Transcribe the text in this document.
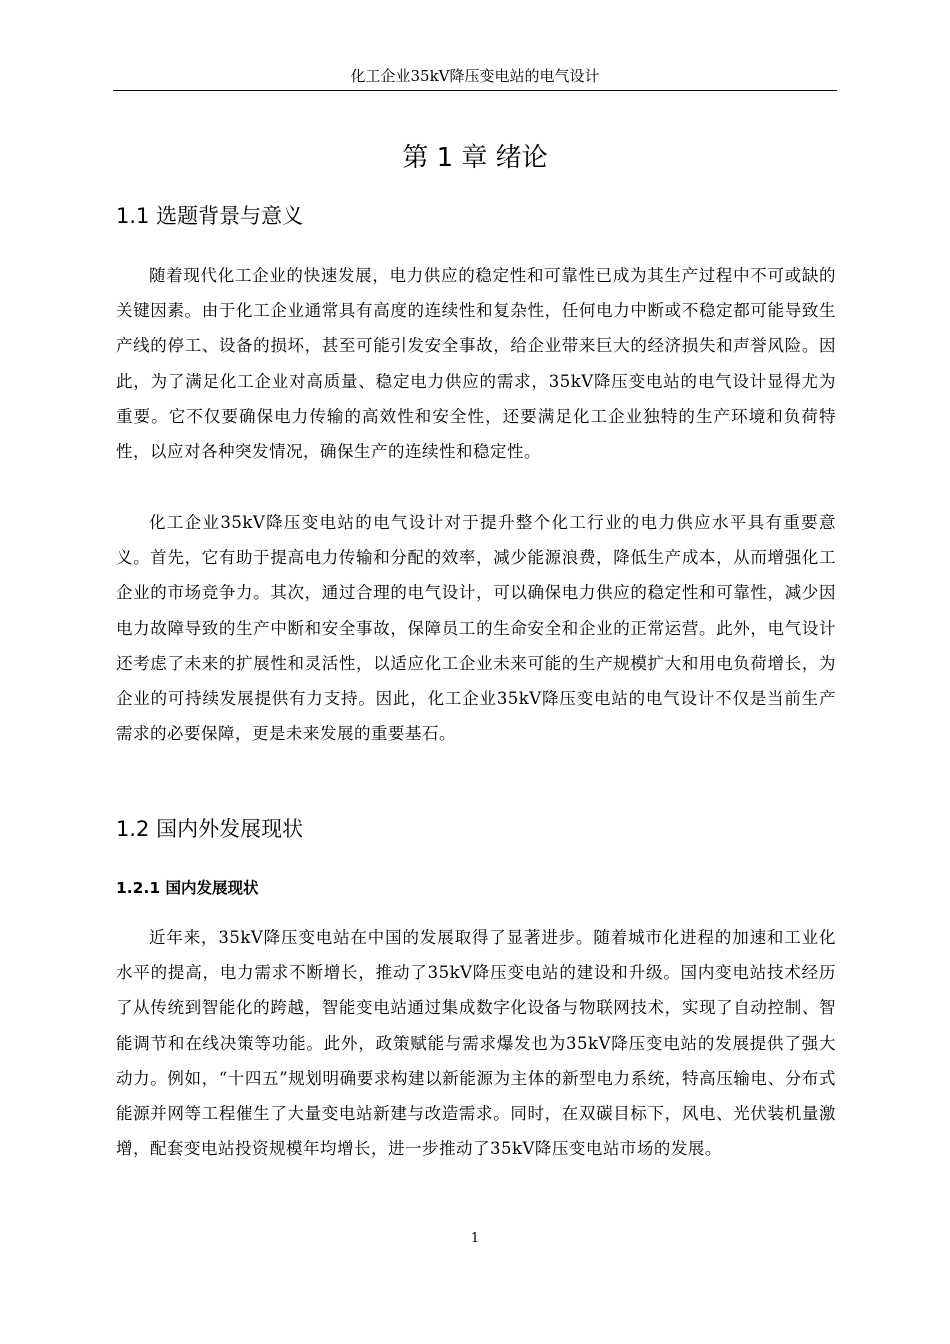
化工企业35kV降压变电站的电气设计
第 1 章 绪论
1.1 选题背景与意义

随着现代化工企业的快速发展，电力供应的稳定性和可靠性已成为其生产过程中不可或缺的关键因素。由于化工企业通常具有高度的连续性和复杂性，任何电力中断或不稳定都可能导致生产线的停工、设备的损坏，甚至可能引发安全事故，给企业带来巨大的经济损失和声誉风险。因此，为了满足化工企业对高质量、稳定电力供应的需求，35kV降压变电站的电气设计显得尤为重要。它不仅要确保电力传输的高效性和安全性，还要满足化工企业独特的生产环境和负荷特性，以应对各种突发情况，确保生产的连续性和稳定性。

化工企业35kV降压变电站的电气设计对于提升整个化工行业的电力供应水平具有重要意义。首先，它有助于提高电力传输和分配的效率，减少能源浪费，降低生产成本，从而增强化工企业的市场竞争力。其次，通过合理的电气设计，可以确保电力供应的稳定性和可靠性，减少因电力故障导致的生产中断和安全事故，保障员工的生命安全和企业的正常运营。此外，电气设计还考虑了未来的扩展性和灵活性，以适应化工企业未来可能的生产规模扩大和用电负荷增长，为企业的可持续发展提供有力支持。因此，化工企业35kV降压变电站的电气设计不仅是当前生产需求的必要保障，更是未来发展的重要基石。

1.2 国内外发展现状
1.2.1 国内发展现状

近年来，35kV降压变电站在中国的发展取得了显著进步。随着城市化进程的加速和工业化水平的提高，电力需求不断增长，推动了35kV降压变电站的建设和升级。国内变电站技术经历了从传统到智能化的跨越，智能变电站通过集成数字化设备与物联网技术，实现了自动控制、智能调节和在线决策等功能。此外，政策赋能与需求爆发也为35kV降压变电站的发展提供了强大动力。例如，“十四五”规划明确要求构建以新能源为主体的新型电力系统，特高压输电、分布式能源并网等工程催生了大量变电站新建与改造需求。同时，在双碳目标下，风电、光伏装机量激增，配套变电站投资规模年均增长，进一步推动了35kV降压变电站市场的发展。

1
